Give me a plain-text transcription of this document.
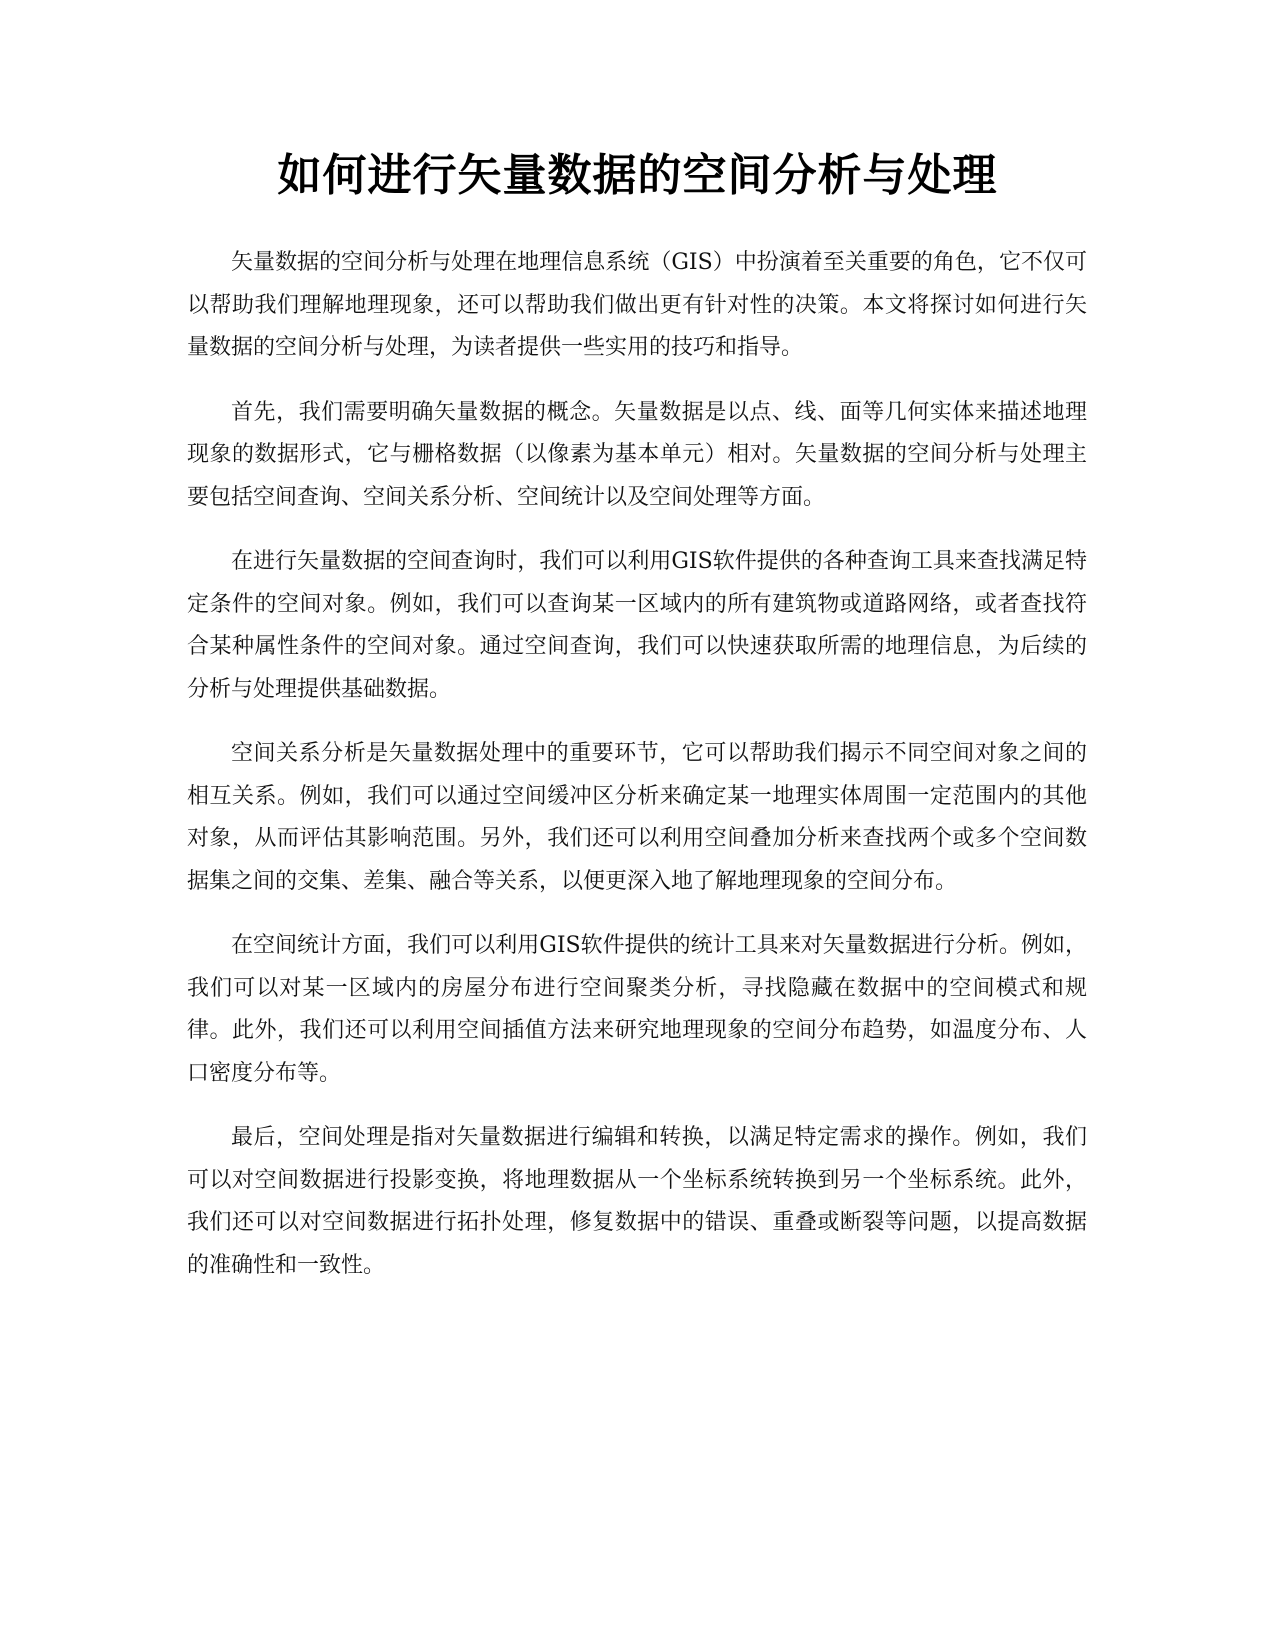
如何进行矢量数据的空间分析与处理

矢量数据的空间分析与处理在地理信息系统（GIS）中扮演着至关重要的角色，它不仅可以帮助我们理解地理现象，还可以帮助我们做出更有针对性的决策。本文将探讨如何进行矢量数据的空间分析与处理，为读者提供一些实用的技巧和指导。

首先，我们需要明确矢量数据的概念。矢量数据是以点、线、面等几何实体来描述地理现象的数据形式，它与栅格数据（以像素为基本单元）相对。矢量数据的空间分析与处理主要包括空间查询、空间关系分析、空间统计以及空间处理等方面。

在进行矢量数据的空间查询时，我们可以利用GIS软件提供的各种查询工具来查找满足特定条件的空间对象。例如，我们可以查询某一区域内的所有建筑物或道路网络，或者查找符合某种属性条件的空间对象。通过空间查询，我们可以快速获取所需的地理信息，为后续的分析与处理提供基础数据。

空间关系分析是矢量数据处理中的重要环节，它可以帮助我们揭示不同空间对象之间的相互关系。例如，我们可以通过空间缓冲区分析来确定某一地理实体周围一定范围内的其他对象，从而评估其影响范围。另外，我们还可以利用空间叠加分析来查找两个或多个空间数据集之间的交集、差集、融合等关系，以便更深入地了解地理现象的空间分布。

在空间统计方面，我们可以利用GIS软件提供的统计工具来对矢量数据进行分析。例如，我们可以对某一区域内的房屋分布进行空间聚类分析，寻找隐藏在数据中的空间模式和规律。此外，我们还可以利用空间插值方法来研究地理现象的空间分布趋势，如温度分布、人口密度分布等。

最后，空间处理是指对矢量数据进行编辑和转换，以满足特定需求的操作。例如，我们可以对空间数据进行投影变换，将地理数据从一个坐标系统转换到另一个坐标系统。此外，我们还可以对空间数据进行拓扑处理，修复数据中的错误、重叠或断裂等问题，以提高数据的准确性和一致性。
